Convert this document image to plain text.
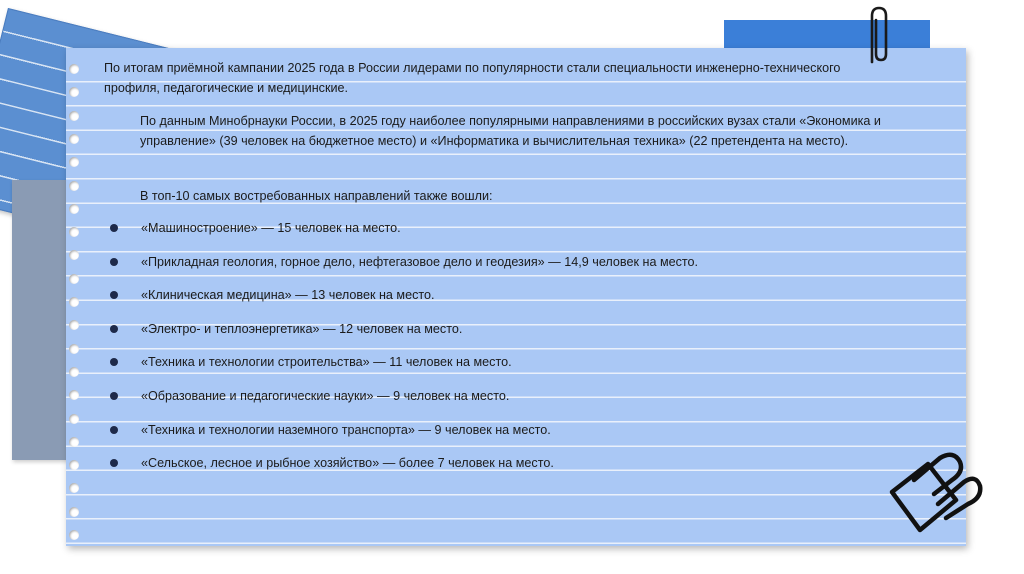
По итогам приёмной кампании 2025 года в России лидерами по популярности стали специальности инженерно-технического профиля, педагогические и медицинские.

По данным Минобрнауки России, в 2025 году наиболее популярными направлениями в российских вузах стали «Экономика и управление» (39 человек на бюджетное место) и «Информатика и вычислительная техника» (22 претендента на место).

В топ-10 самых востребованных направлений также вошли:

«Машиностроение» — 15 человек на место.
«Прикладная геология, горное дело, нефтегазовое дело и геодезия» — 14,9 человек на место.
«Клиническая медицина» — 13 человек на место.
«Электро- и теплоэнергетика» — 12 человек на место.
«Техника и технологии строительства» — 11 человек на место.
«Образование и педагогические науки» — 9 человек на место.
«Техника и технологии наземного транспорта» — 9 человек на место.
«Сельское, лесное и рыбное хозяйство» — более 7 человек на место.
